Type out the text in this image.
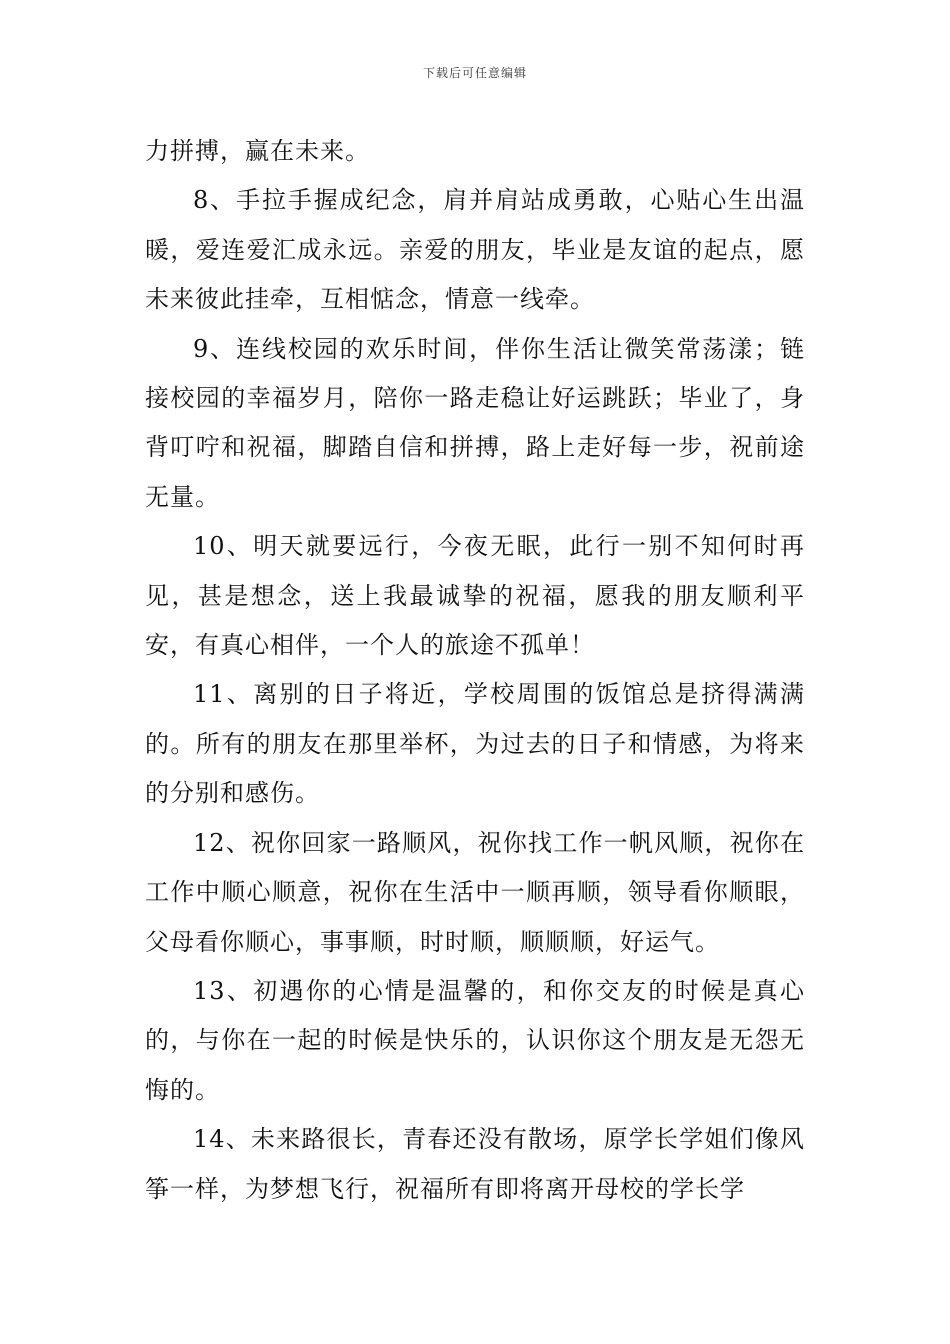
下载后可任意编辑

力拼搏，赢在未来。

8、手拉手握成纪念，肩并肩站成勇敢，心贴心生出温暖，爱连爱汇成永远。亲爱的朋友，毕业是友谊的起点，愿未来彼此挂牵，互相惦念，情意一线牵。

9、连线校园的欢乐时间，伴你生活让微笑常荡漾；链接校园的幸福岁月，陪你一路走稳让好运跳跃；毕业了，身背叮咛和祝福，脚踏自信和拼搏，路上走好每一步，祝前途无量。

10、明天就要远行，今夜无眠，此行一别不知何时再见，甚是想念，送上我最诚挚的祝福，愿我的朋友顺利平安，有真心相伴，一个人的旅途不孤单！

11、离别的日子将近，学校周围的饭馆总是挤得满满的。所有的朋友在那里举杯，为过去的日子和情感，为将来的分别和感伤。

12、祝你回家一路顺风，祝你找工作一帆风顺，祝你在工作中顺心顺意，祝你在生活中一顺再顺，领导看你顺眼，父母看你顺心，事事顺，时时顺，顺顺顺，好运气。

13、初遇你的心情是温馨的，和你交友的时候是真心的，与你在一起的时候是快乐的，认识你这个朋友是无怨无悔的。

14、未来路很长，青春还没有散场，原学长学姐们像风筝一样，为梦想飞行，祝福所有即将离开母校的学长学
